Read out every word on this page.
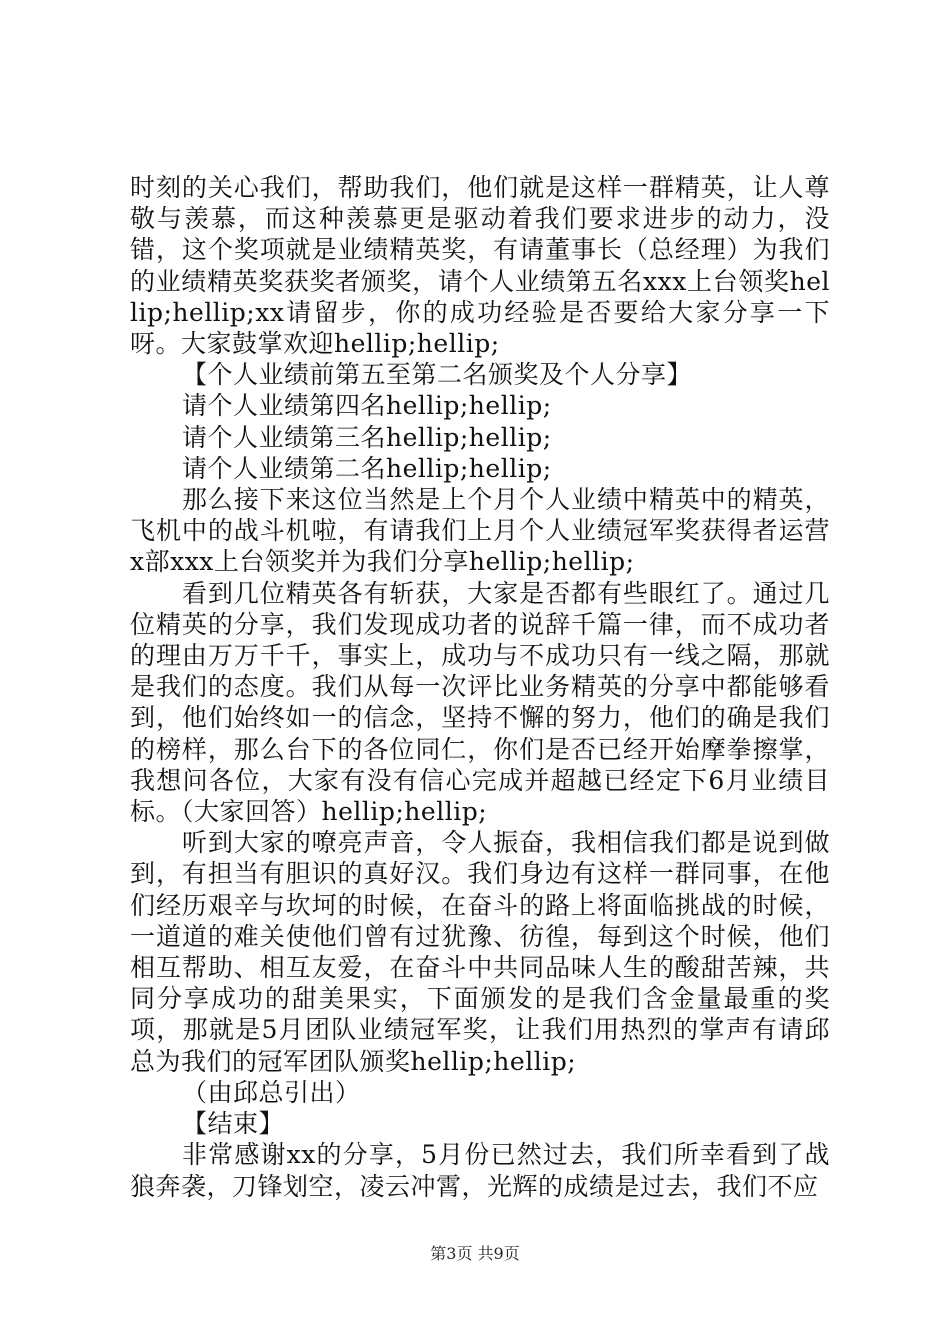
时刻的关心我们，帮助我们，他们就是这样一群精英，让人尊敬与羡慕，而这种羡慕更是驱动着我们要求进步的动力，没错，这个奖项就是业绩精英奖，有请董事长（总经理）为我们的业绩精英奖获奖者颁奖，请个人业绩第五名xxx上台领奖hellip;hellip;xx请留步，你的成功经验是否要给大家分享一下呀。大家鼓掌欢迎hellip;hellip;

【个人业绩前第五至第二名颁奖及个人分享】

请个人业绩第四名hellip;hellip;

请个人业绩第三名hellip;hellip;

请个人业绩第二名hellip;hellip;

那么接下来这位当然是上个月个人业绩中精英中的精英，飞机中的战斗机啦，有请我们上月个人业绩冠军奖获得者运营x部xxx上台领奖并为我们分享hellip;hellip;

看到几位精英各有斩获，大家是否都有些眼红了。通过几位精英的分享，我们发现成功者的说辞千篇一律，而不成功者的理由万万千千，事实上，成功与不成功只有一线之隔，那就是我们的态度。我们从每一次评比业务精英的分享中都能够看到，他们始终如一的信念，坚持不懈的努力，他们的确是我们的榜样，那么台下的各位同仁，你们是否已经开始摩拳擦掌，我想问各位，大家有没有信心完成并超越已经定下6月业绩目标。（大家回答）hellip;hellip;

听到大家的嘹亮声音，令人振奋，我相信我们都是说到做到，有担当有胆识的真好汉。我们身边有这样一群同事，在他们经历艰辛与坎坷的时候，在奋斗的路上将面临挑战的时候，一道道的难关使他们曾有过犹豫、彷徨，每到这个时候，他们相互帮助、相互友爱，在奋斗中共同品味人生的酸甜苦辣，共同分享成功的甜美果实，下面颁发的是我们含金量最重的奖项，那就是5月团队业绩冠军奖，让我们用热烈的掌声有请邱总为我们的冠军团队颁奖hellip;hellip;

（由邱总引出）

【结束】

非常感谢xx的分享，5月份已然过去，我们所幸看到了战狼奔袭，刀锋划空，凌云冲霄，光辉的成绩是过去，我们不应

第3页 共9页
